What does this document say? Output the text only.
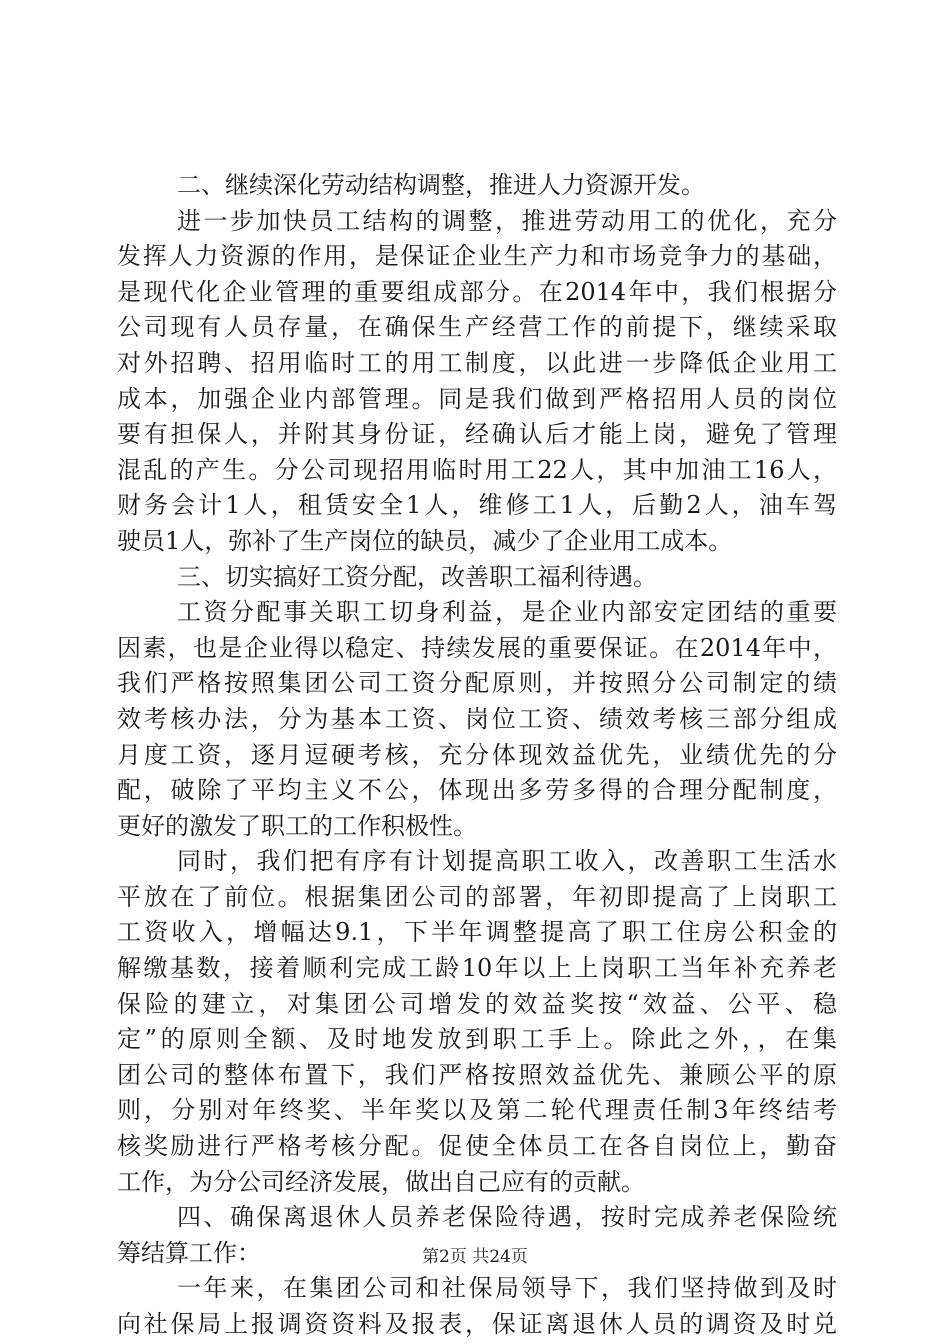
二、继续深化劳动结构调整，推进人力资源开发。
进一步加快员工结构的调整，推进劳动用工的优化，充分
发挥人力资源的作用，是保证企业生产力和市场竞争力的基础，
是现代化企业管理的重要组成部分。在2014年中，我们根据分
公司现有人员存量，在确保生产经营工作的前提下，继续采取
对外招聘、招用临时工的用工制度，以此进一步降低企业用工
成本，加强企业内部管理。同是我们做到严格招用人员的岗位
要有担保人，并附其身份证，经确认后才能上岗，避免了管理
混乱的产生。分公司现招用临时用工22人，其中加油工16人，
财务会计1人，租赁安全1人，维修工1人，后勤2人，油车驾
驶员1人，弥补了生产岗位的缺员，减少了企业用工成本。
三、切实搞好工资分配，改善职工福利待遇。
工资分配事关职工切身利益，是企业内部安定团结的重要
因素，也是企业得以稳定、持续发展的重要保证。在2014年中，
我们严格按照集团公司工资分配原则，并按照分公司制定的绩
效考核办法，分为基本工资、岗位工资、绩效考核三部分组成
月度工资，逐月逗硬考核，充分体现效益优先，业绩优先的分
配，破除了平均主义不公，体现出多劳多得的合理分配制度，
更好的激发了职工的工作积极性。
同时，我们把有序有计划提高职工收入，改善职工生活水
平放在了前位。根据集团公司的部署，年初即提高了上岗职工
工资收入，增幅达9.1，下半年调整提高了职工住房公积金的
解缴基数，接着顺利完成工龄10年以上上岗职工当年补充养老
保险的建立，对集团公司增发的效益奖按“效益、公平、稳
定”的原则全额、及时地发放到职工手上。除此之外，，在集
团公司的整体布置下，我们严格按照效益优先、兼顾公平的原
则，分别对年终奖、半年奖以及第二轮代理责任制3年终结考
核奖励进行严格考核分配。促使全体员工在各自岗位上，勤奋
工作，为分公司经济发展，做出自己应有的贡献。
四、确保离退休人员养老保险待遇，按时完成养老保险统
筹结算工作：
一年来，在集团公司和社保局领导下，我们坚持做到及时
向社保局上报调资资料及报表，保证离退休人员的调资及时兑
第2页 共24页
